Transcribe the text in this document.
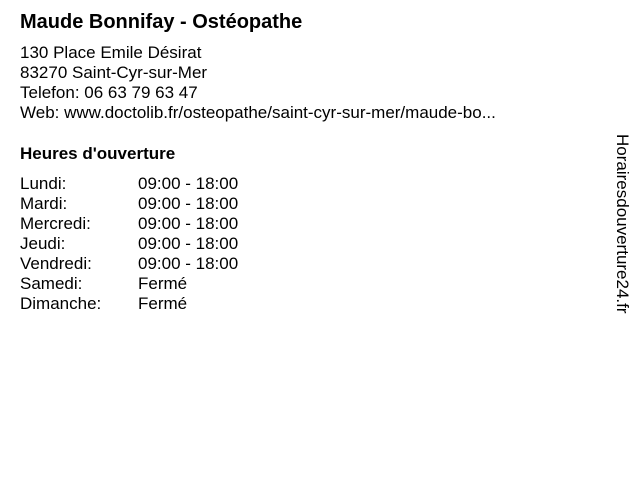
Maude Bonnifay - Ostéopathe
130 Place Emile Désirat
83270 Saint-Cyr-sur-Mer
Telefon: 06 63 79 63 47
Web: www.doctolib.fr/osteopathe/saint-cyr-sur-mer/maude-bo...
Heures d'ouverture
Lundi:	09:00 - 18:00
Mardi:	09:00 - 18:00
Mercredi:	09:00 - 18:00
Jeudi:	09:00 - 18:00
Vendredi:	09:00 - 18:00
Samedi:	Fermé
Dimanche: Fermé	Horairesdouverture24.fr
